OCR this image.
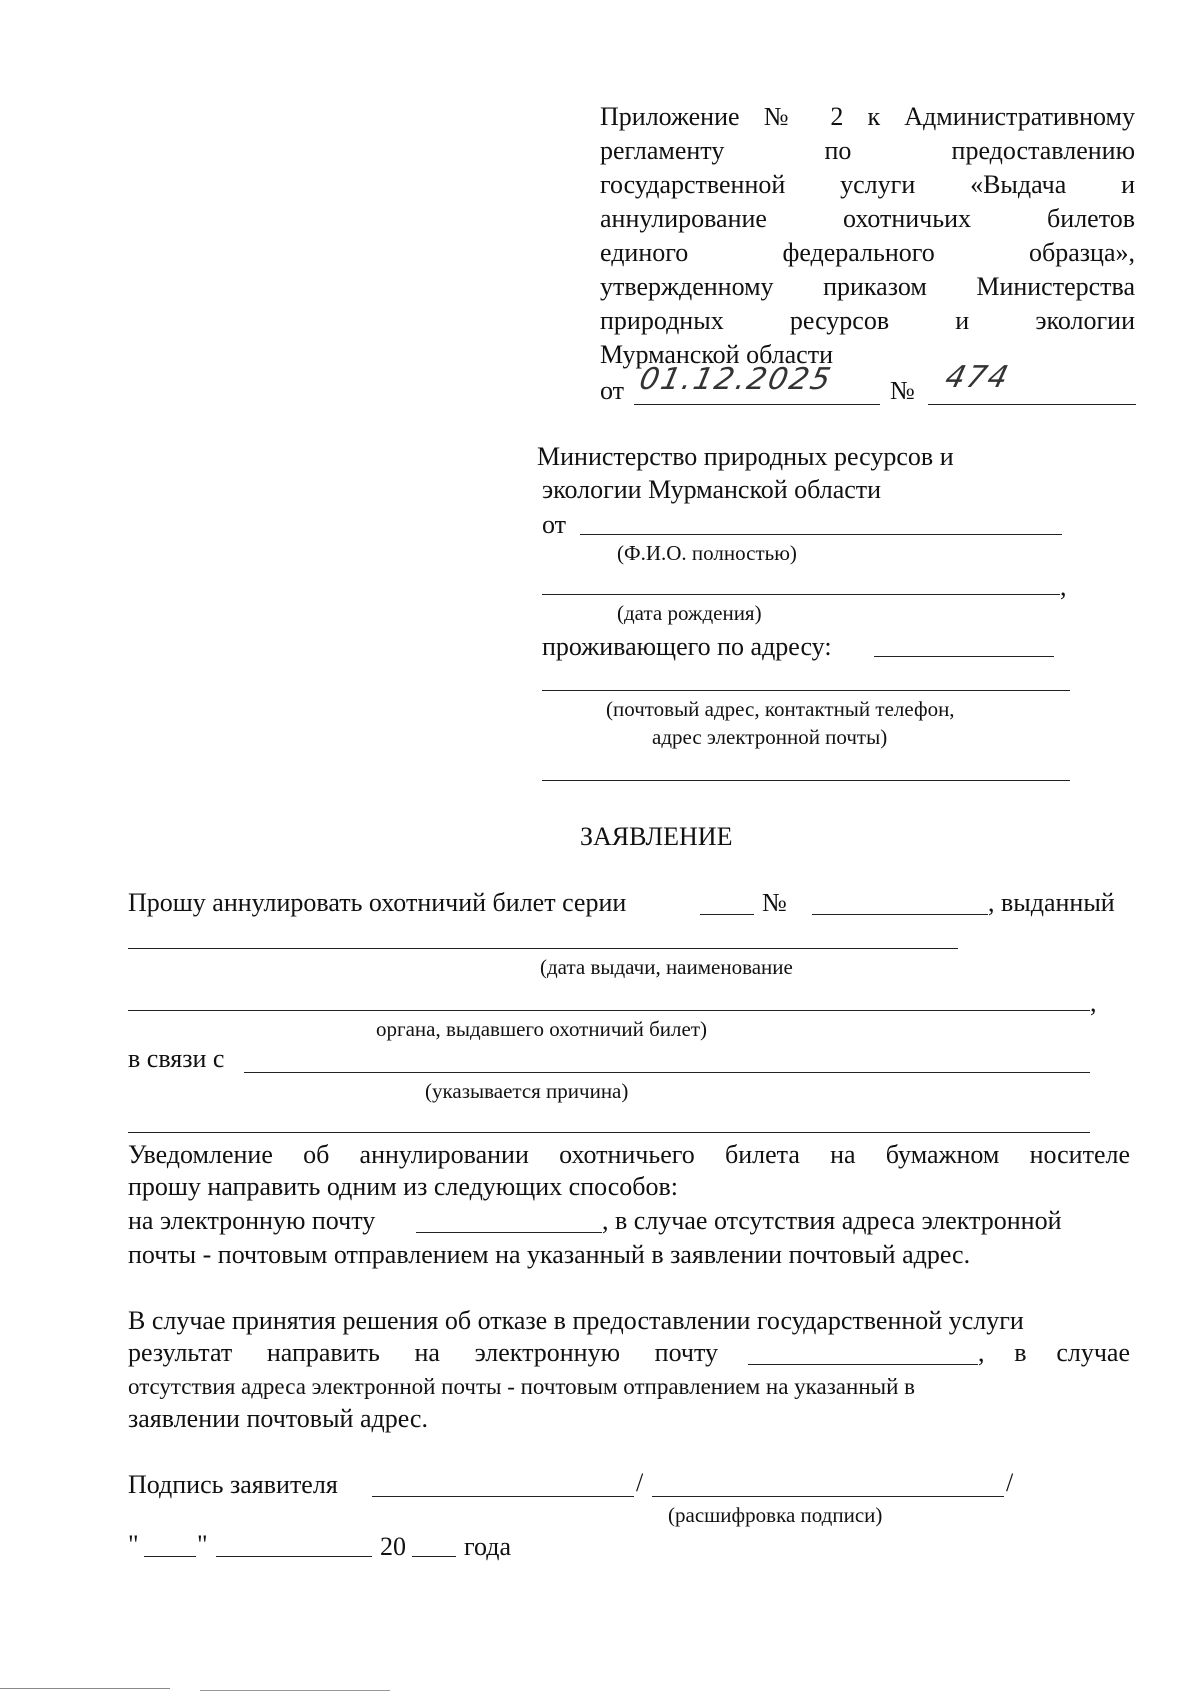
Приложение № 2 к Административному
регламенту по предоставлению
государственной услуги «Выдача и
аннулирование охотничьих билетов
единого федерального образца»,
утвержденному приказом Министерства
природных ресурсов и экологии
Мурманской области
от 01.12.2025 № 474
Министерство природных ресурсов и
экологии Мурманской области
от
(Ф.И.О. полностью)
,
(дата рождения)
проживающего по адресу:
(почтовый адрес, контактный телефон,
адрес электронной почты)
ЗАЯВЛЕНИЕ
Прошу аннулировать охотничий билет серии	№	, выданный
(дата выдачи, наименование
,
органа, выдавшего охотничий билет)
в связи с
(указывается причина)
Уведомление об аннулировании охотничьего билета на бумажном носителе
прошу направить одним из следующих способов:
на электронную почту	, в случае отсутствия адреса электронной
почты - почтовым отправлением на указанный в заявлении почтовый адрес.
В случае принятия решения об отказе в предоставлении государственной услуги
результат направить на электронную почту	, в случае
отсутствия адреса электронной почты - почтовым отправлением на указанный в
заявлении почтовый адрес.
Подпись заявителя	/	/
(расшифровка подписи)
" "	20 года
